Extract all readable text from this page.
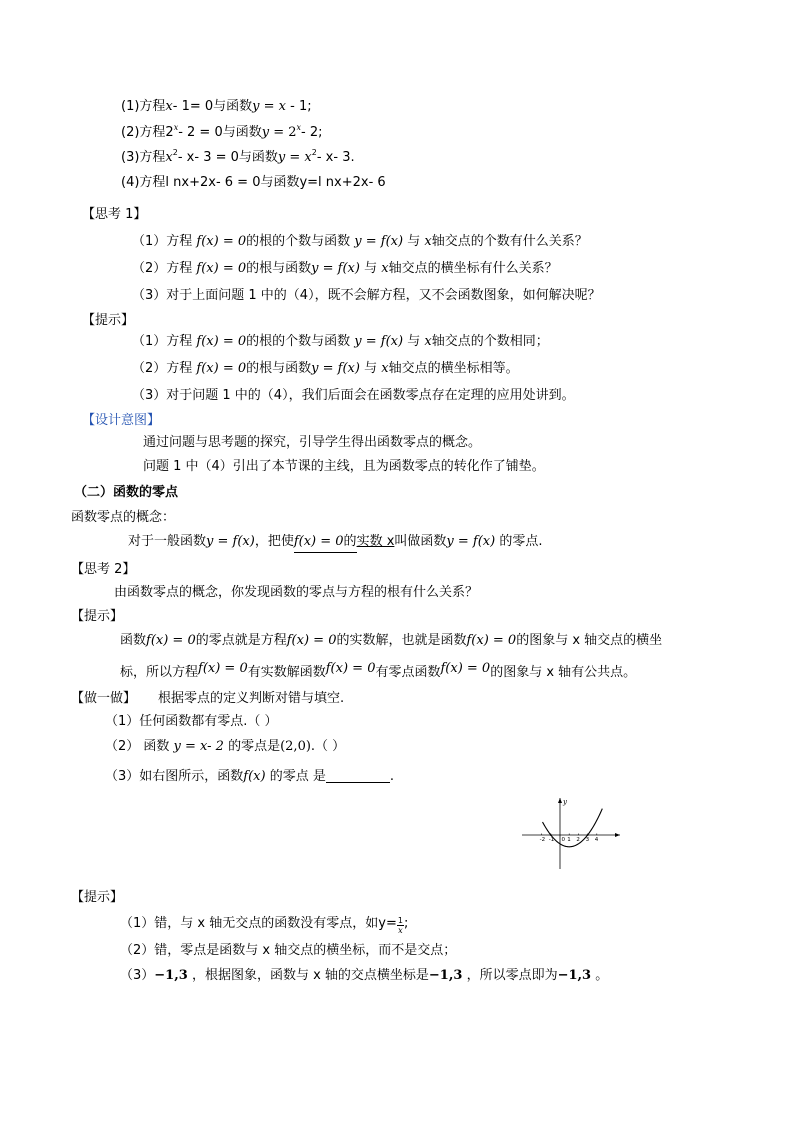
(1)方程x- 1= 0与函数y = x - 1;
(2)方程2$^x$- 2 = 0与函数$y = 2^x-$ 2;
(3)方程$x^2-$ x- 3 = 0与函数$y = x^2-$ x- 3.
(4)方程l nx+2x- 6 = 0与函数y=l nx+2x- 6
【思考 1】
（1）方程 f(x) = 0的根的个数与函数 y = f(x) 与 x轴交点的个数有什么关系？
（2）方程 f(x) = 0的根与函数y = f(x) 与 x轴交点的横坐标有什么关系？
（3）对于上面问题 1 中的（4），既不会解方程，又不会函数图象，如何解决呢？
【提示】
（1）方程 f(x) = 0的根的个数与函数 y = f(x) 与 x轴交点的个数相同；
（2）方程 f(x) = 0的根与函数y = f(x) 与 x轴交点的横坐标相等。
（3）对于问题 1 中的（4），我们后面会在函数零点存在定理的应用处讲到。
【设计意图】
通过问题与思考题的探究，引导学生得出函数零点的概念。
问题 1 中（4）引出了本节课的主线，且为函数零点的转化作了铺垫。
（二）函数的零点
函数零点的概念：
对于一般函数y = f(x)，把使f(x) = 0的实数 x叫做函数y = f(x) 的零点.
【思考 2】
由函数零点的概念，你发现函数的零点与方程的根有什么关系？
【提示】
函数f(x) = 0的零点就是方程f(x) = 0的实数解，也就是函数f(x) = 0的图象与 x 轴交点的横坐
标，所以方程f(x) = 0有实数解函数f(x) = 0有零点函数f(x) = 0的图象与 x 轴有公共点。
【做一做】 根据零点的定义判断对错与填空.
（1）任何函数都有零点.（ ）
（2） 函数 y = x- 2 的零点是(2,0).（ ）
（3）如右图所示，函数f(x) 的零点 是	.
y
-2 -1 0 1 2 3 4
【提示】
（1）错，与 x 轴无交点的函数没有零点，如$y= \frac{1}{x}$ ;
（2）错，零点是函数与 x 轴交点的横坐标，而不是交点；
（3）−1,3 ，根据图象，函数与 x 轴的交点横坐标是−1,3 ，所以零点即为−1,3 。
